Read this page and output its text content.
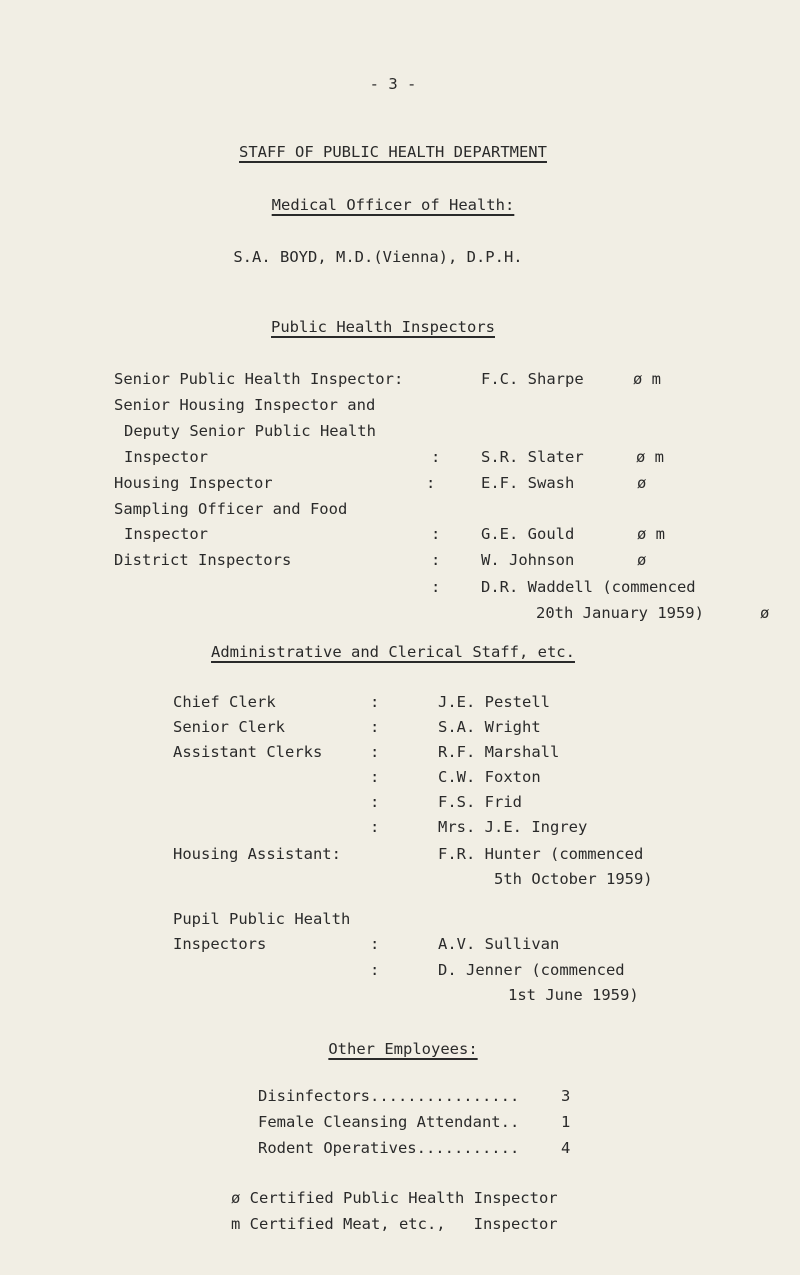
- 3 -
STAFF OF PUBLIC HEALTH DEPARTMENT
Medical Officer of Health:
S.A. BOYD, M.D.(Vienna), D.P.H.
Public Health Inspectors
Senior Public Health Inspector:	F.C. Sharpe	ø m
Senior Housing Inspector and
Deputy Senior Public Health
Inspector	:	S.R. Slater	ø m
Housing Inspector	:	E.F. Swash	ø
Sampling Officer and Food
Inspector	:	G.E. Gould	ø m
District Inspectors	:	W. Johnson	ø
:	D.R. Waddell (commenced
20th January 1959)	ø
Administrative and Clerical Staff, etc.
Chief Clerk	:	J.E. Pestell
Senior Clerk	:	S.A. Wright
Assistant Clerks	:	R.F. Marshall
:	C.W. Foxton
:	F.S. Frid
:	Mrs. J.E. Ingrey
Housing Assistant:	F.R. Hunter (commenced
5th October 1959)
Pupil Public Health
Inspectors	:	A.V. Sullivan
:	D. Jenner (commenced
1st June 1959)
Other Employees:
Disinfectors................	3
Female Cleansing Attendant..	1
Rodent Operatives...........	4
ø Certified Public Health Inspector
m Certified Meat, etc.,   Inspector
